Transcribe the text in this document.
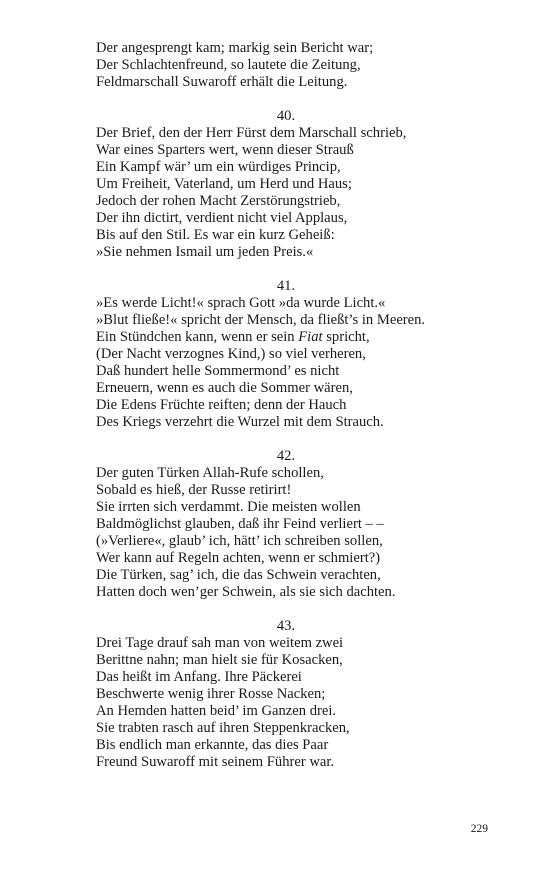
Der angesprengt kam; markig sein Bericht war;
Der Schlachtenfreund, so lautete die Zeitung,
Feldmarschall Suwaroff erhält die Leitung.
40.
Der Brief, den der Herr Fürst dem Marschall schrieb,
War eines Sparters wert, wenn dieser Strauß
Ein Kampf wär’ um ein würdiges Princip,
Um Freiheit, Vaterland, um Herd und Haus;
Jedoch der rohen Macht Zerstörungstrieb,
Der ihn dictirt, verdient nicht viel Applaus,
Bis auf den Stil. Es war ein kurz Geheiß:
»Sie nehmen Ismail um jeden Preis.«
41.
»Es werde Licht!« sprach Gott »da wurde Licht.«
»Blut fließe!« spricht der Mensch, da fließt’s in Meeren.
Ein Stündchen kann, wenn er sein Fiat spricht,
(Der Nacht verzognes Kind,) so viel verheren,
Daß hundert helle Sommermond’ es nicht
Erneuern, wenn es auch die Sommer wären,
Die Edens Früchte reiften; denn der Hauch
Des Kriegs verzehrt die Wurzel mit dem Strauch.
42.
Der guten Türken Allah-Rufe schollen,
Sobald es hieß, der Russe retirirt!
Sie irrten sich verdammt. Die meisten wollen
Baldmöglichst glauben, daß ihr Feind verliert – –
(»Verliere«, glaub’ ich, hätt’ ich schreiben sollen,
Wer kann auf Regeln achten, wenn er schmiert?)
Die Türken, sag’ ich, die das Schwein verachten,
Hatten doch wen’ger Schwein, als sie sich dachten.
43.
Drei Tage drauf sah man von weitem zwei
Berittne nahn; man hielt sie für Kosacken,
Das heißt im Anfang. Ihre Päckerei
Beschwerte wenig ihrer Rosse Nacken;
An Hemden hatten beid’ im Ganzen drei.
Sie trabten rasch auf ihren Steppenkracken,
Bis endlich man erkannte, das dies Paar
Freund Suwaroff mit seinem Führer war.
229
